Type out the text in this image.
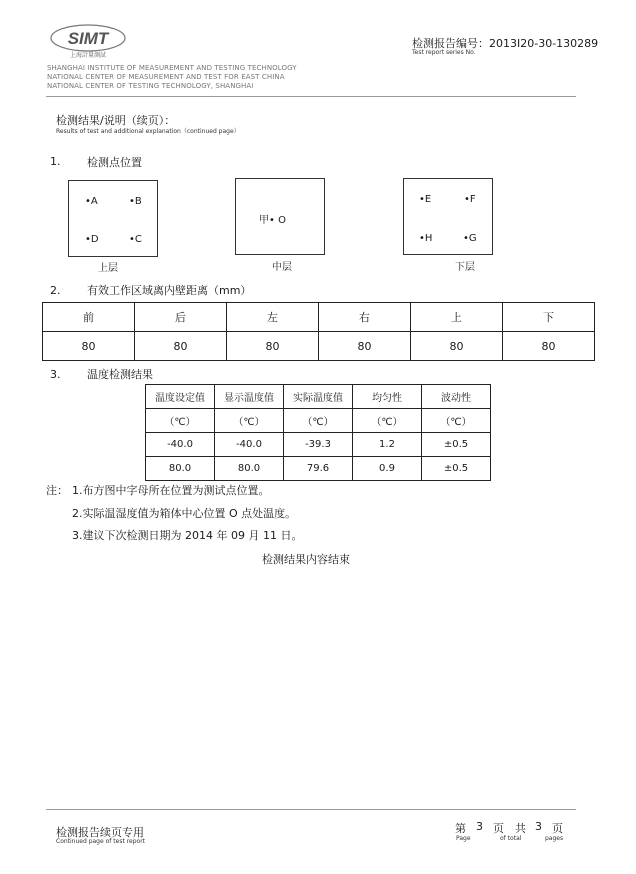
SIMT
上海計量測試
SHANGHAI INSTITUTE OF MEASUREMENT AND TESTING TECHNOLOGY
NATIONAL CENTER OF MEASUREMENT AND TEST FOR EAST CHINA
NATIONAL CENTER OF TESTING TECHNOLOGY, SHANGHAI
检测报告编号：2013I20-30-130289
Test report series No.
检测结果/说明（续页）：
Results of test and additional explanation（continued page）
1. 检测点位置
•A	•B
•D	•C
上层
甲• O
中层
•E	•F
•H	•G
下层
2. 有效工作区域离内壁距离（mm）
前	后	左	右	上	下
80	80	80	80	80	80
3. 温度检测结果
温度设定值	显示温度值	实际温度值	均匀性	波动性
（℃）	（℃）	（℃）	（℃）	（℃）
-40.0	-40.0	-39.3	1.2	±0.5
80.0	80.0	79.6	0.9	±0.5
注： 1.布方图中字母所在位置为测试点位置。
2.实际温湿度值为箱体中心位置 O 点处温度。
3.建议下次检测日期为 2014 年 09 月 11 日。
检测结果内容结束
检测报告续页专用
Continued page of test report
第 3 页 共 3 页
Page	of total	pages
